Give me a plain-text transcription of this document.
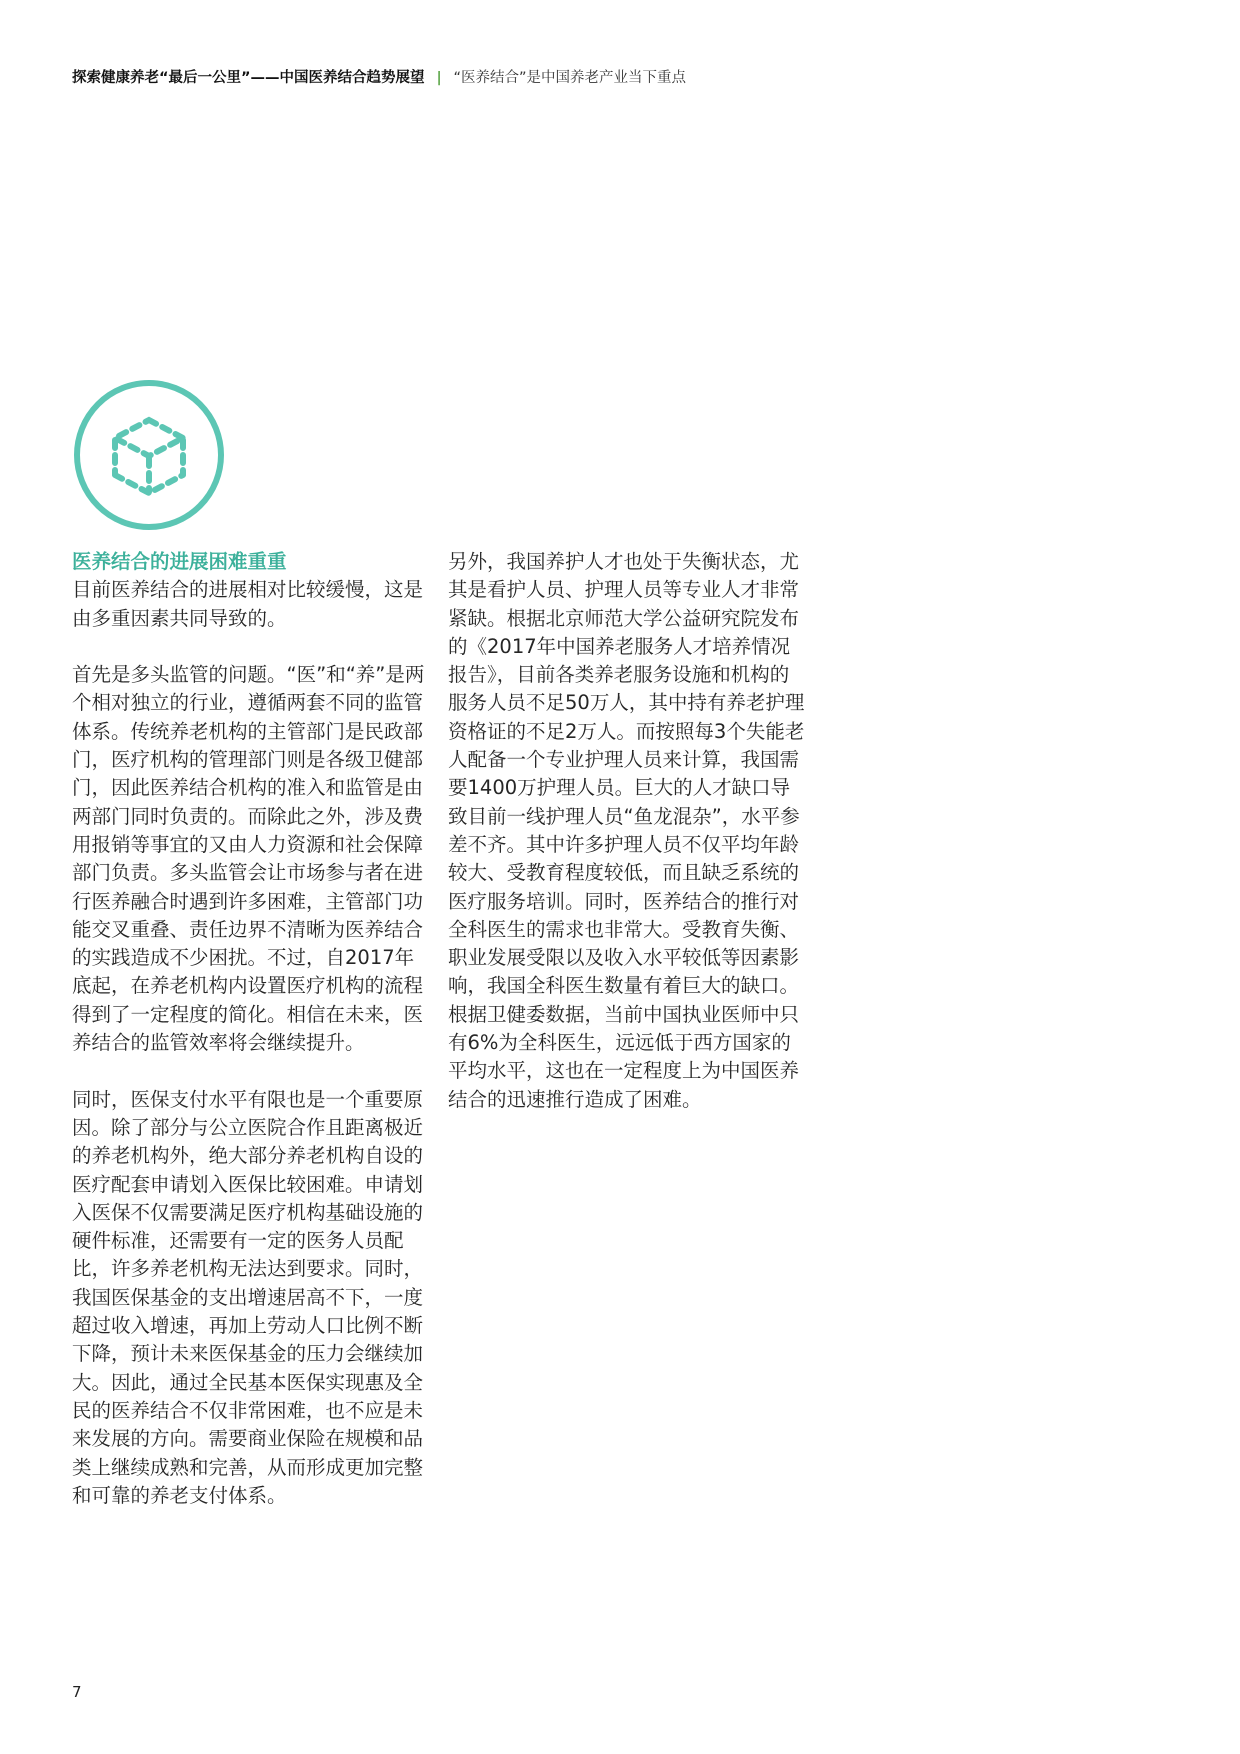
探索健康养老“最后一公里”——中国医养结合趋势展望 | “医养结合”是中国养老产业当下重点

医养结合的进展困难重重

目前医养结合的进展相对比较缓慢，这是由多重因素共同导致的。

首先是多头监管的问题。“医”和“养”是两个相对独立的行业，遵循两套不同的监管体系。传统养老机构的主管部门是民政部门，医疗机构的管理部门则是各级卫健部门，因此医养结合机构的准入和监管是由两部门同时负责的。而除此之外，涉及费用报销等事宜的又由人力资源和社会保障部门负责。多头监管会让市场参与者在进行医养融合时遇到许多困难，主管部门功能交叉重叠、责任边界不清晰为医养结合的实践造成不少困扰。不过，自2017年底起，在养老机构内设置医疗机构的流程得到了一定程度的简化。相信在未来，医养结合的监管效率将会继续提升。

同时，医保支付水平有限也是一个重要原因。除了部分与公立医院合作且距离极近的养老机构外，绝大部分养老机构自设的医疗配套申请划入医保比较困难。申请划入医保不仅需要满足医疗机构基础设施的硬件标准，还需要有一定的医务人员配比，许多养老机构无法达到要求。同时，我国医保基金的支出增速居高不下，一度超过收入增速，再加上劳动人口比例不断下降，预计未来医保基金的压力会继续加大。因此，通过全民基本医保实现惠及全民的医养结合不仅非常困难，也不应是未来发展的方向。需要商业保险在规模和品类上继续成熟和完善，从而形成更加完整和可靠的养老支付体系。

另外，我国养护人才也处于失衡状态，尤其是看护人员、护理人员等专业人才非常紧缺。根据北京师范大学公益研究院发布的《2017年中国养老服务人才培养情况报告》，目前各类养老服务设施和机构的服务人员不足50万人，其中持有养老护理资格证的不足2万人。而按照每3个失能老人配备一个专业护理人员来计算，我国需要1400万护理人员。巨大的人才缺口导致目前一线护理人员“鱼龙混杂”，水平参差不齐。其中许多护理人员不仅平均年龄较大、受教育程度较低，而且缺乏系统的医疗服务培训。同时，医养结合的推行对全科医生的需求也非常大。受教育失衡、职业发展受限以及收入水平较低等因素影响，我国全科医生数量有着巨大的缺口。根据卫健委数据，当前中国执业医师中只有6%为全科医生，远远低于西方国家的平均水平，这也在一定程度上为中国医养结合的迅速推行造成了困难。

7
